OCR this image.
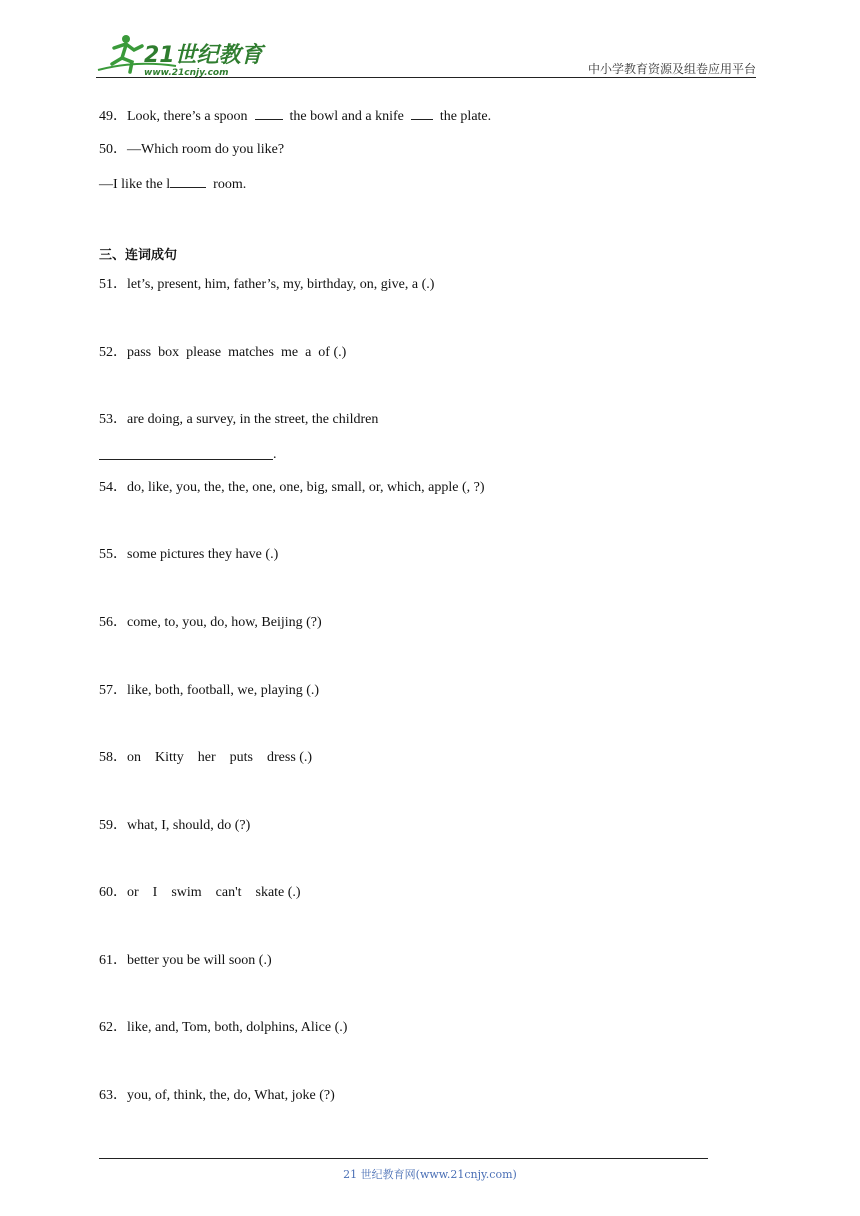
21世纪教育
www.21cnjy.com	中小学教育资源及组卷应用平台
49．Look, there’s a spoon	the bowl and a knife	the plate.
50．—Which room do you like?
—I like the l	room.
三、连词成句
51．let’s, present, him, father’s, my, birthday, on, give, a (.)
52．pass  box  please  matches  me  a  of (.)
53．are doing, a survey, in the street, the children
.
54．do, like, you, the, the, one, one, big, small, or, which, apple (, ?)
55．some pictures they have (.)
56．come, to, you, do, how, Beijing (?)
57．like, both, football, we, playing (.)
58．on    Kitty    her    puts    dress (.)
59．what, I, should, do (?)
60．or    I    swim    can't    skate (.)
61．better you be will soon (.)
62．like, and, Tom, both, dolphins, Alice (.)
63．you, of, think, the, do, What, joke (?)
21 世纪教育网(www.21cnjy.com)
